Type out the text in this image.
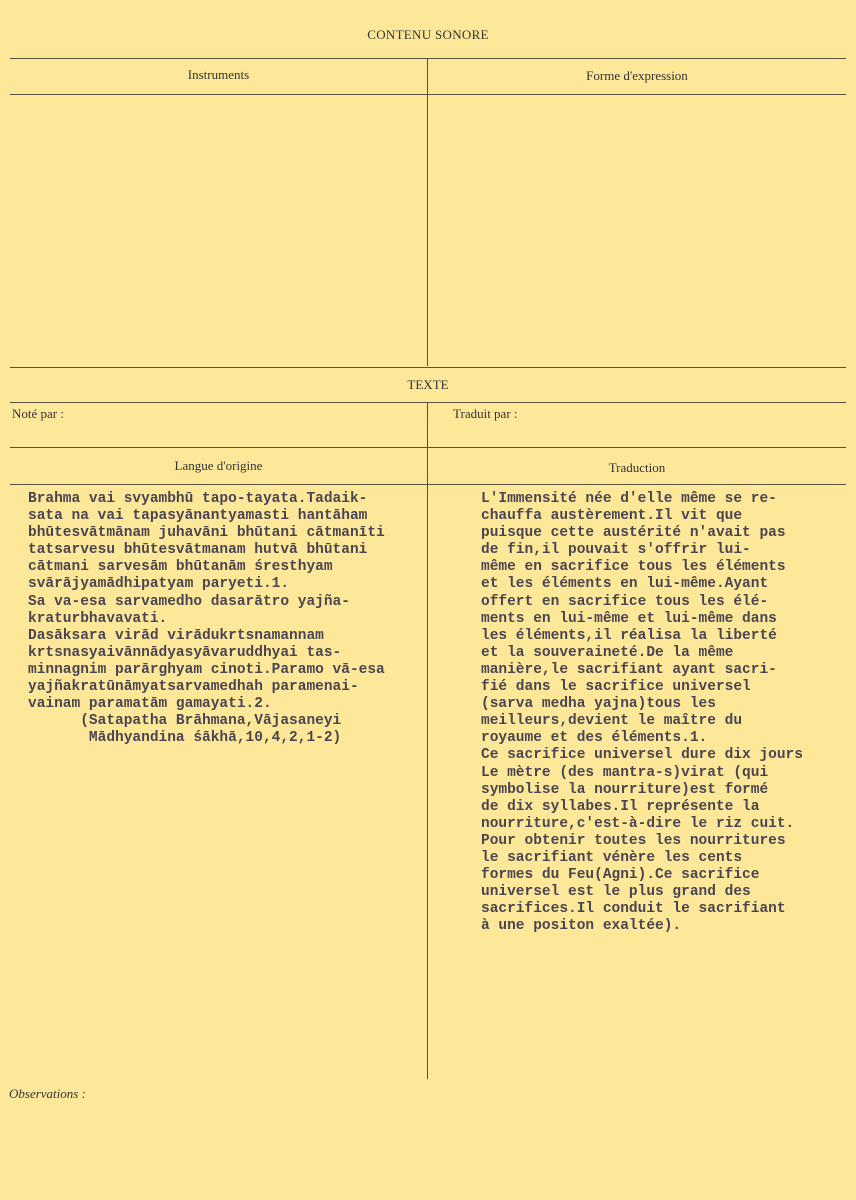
CONTENU SONORE
Instruments	Forme d'expression
TEXTE
Noté par :	Traduit par :
Langue d'origine	Traduction
Brahma vai svyambhū tapo-tayata.Tadaik-
sata na vai tapasyānantyamasti hantāham
bhūtesvātmānam juhavāni bhūtani cātmanīti
tatsarvesu bhūtesvātmanam hutvā bhūtani
cātmani sarvesām bhūtanām śresthyam
svārājyamādhipatyam paryeti.1.
Sa va-esa sarvamedho dasarātro yajña-
kraturbhavavati.
Dasāksara virād virādukrtsnamannam
krtsnasyaivānnādyasyāvaruddhyai tas-
minnagnim parārghyam cinoti.Paramo vā-esa
yajñakratūnāmyatsarvamedhah paramenai-
vainam paramatām gamayati.2.
(Satapatha Brāhmana,Vājasaneyi
Mādhyandina śākhā,10,4,2,1-2)
L'Immensité née d'elle même se re-
chauffa austèrement.Il vit que
puisque cette austérité n'avait pas
de fin,il pouvait s'offrir lui-
même en sacrifice tous les éléments
et les éléments en lui-même.Ayant
offert en sacrifice tous les élé-
ments en lui-même et lui-même dans
les éléments,il réalisa la liberté
et la souveraineté.De la même
manière,le sacrifiant ayant sacri-
fié dans le sacrifice universel
(sarva medha yajna)tous les
meilleurs,devient le maître du
royaume et des éléments.1.
Ce sacrifice universel dure dix jours
Le mètre (des mantra-s)virat (qui
symbolise la nourriture)est formé
de dix syllabes.Il représente la
nourriture,c'est-à-dire le riz cuit.
Pour obtenir toutes les nourritures
le sacrifiant vénère les cents
formes du Feu(Agni).Ce sacrifice
universel est le plus grand des
sacrifices.Il conduit le sacrifiant
à une positon exaltée).
Observations :
